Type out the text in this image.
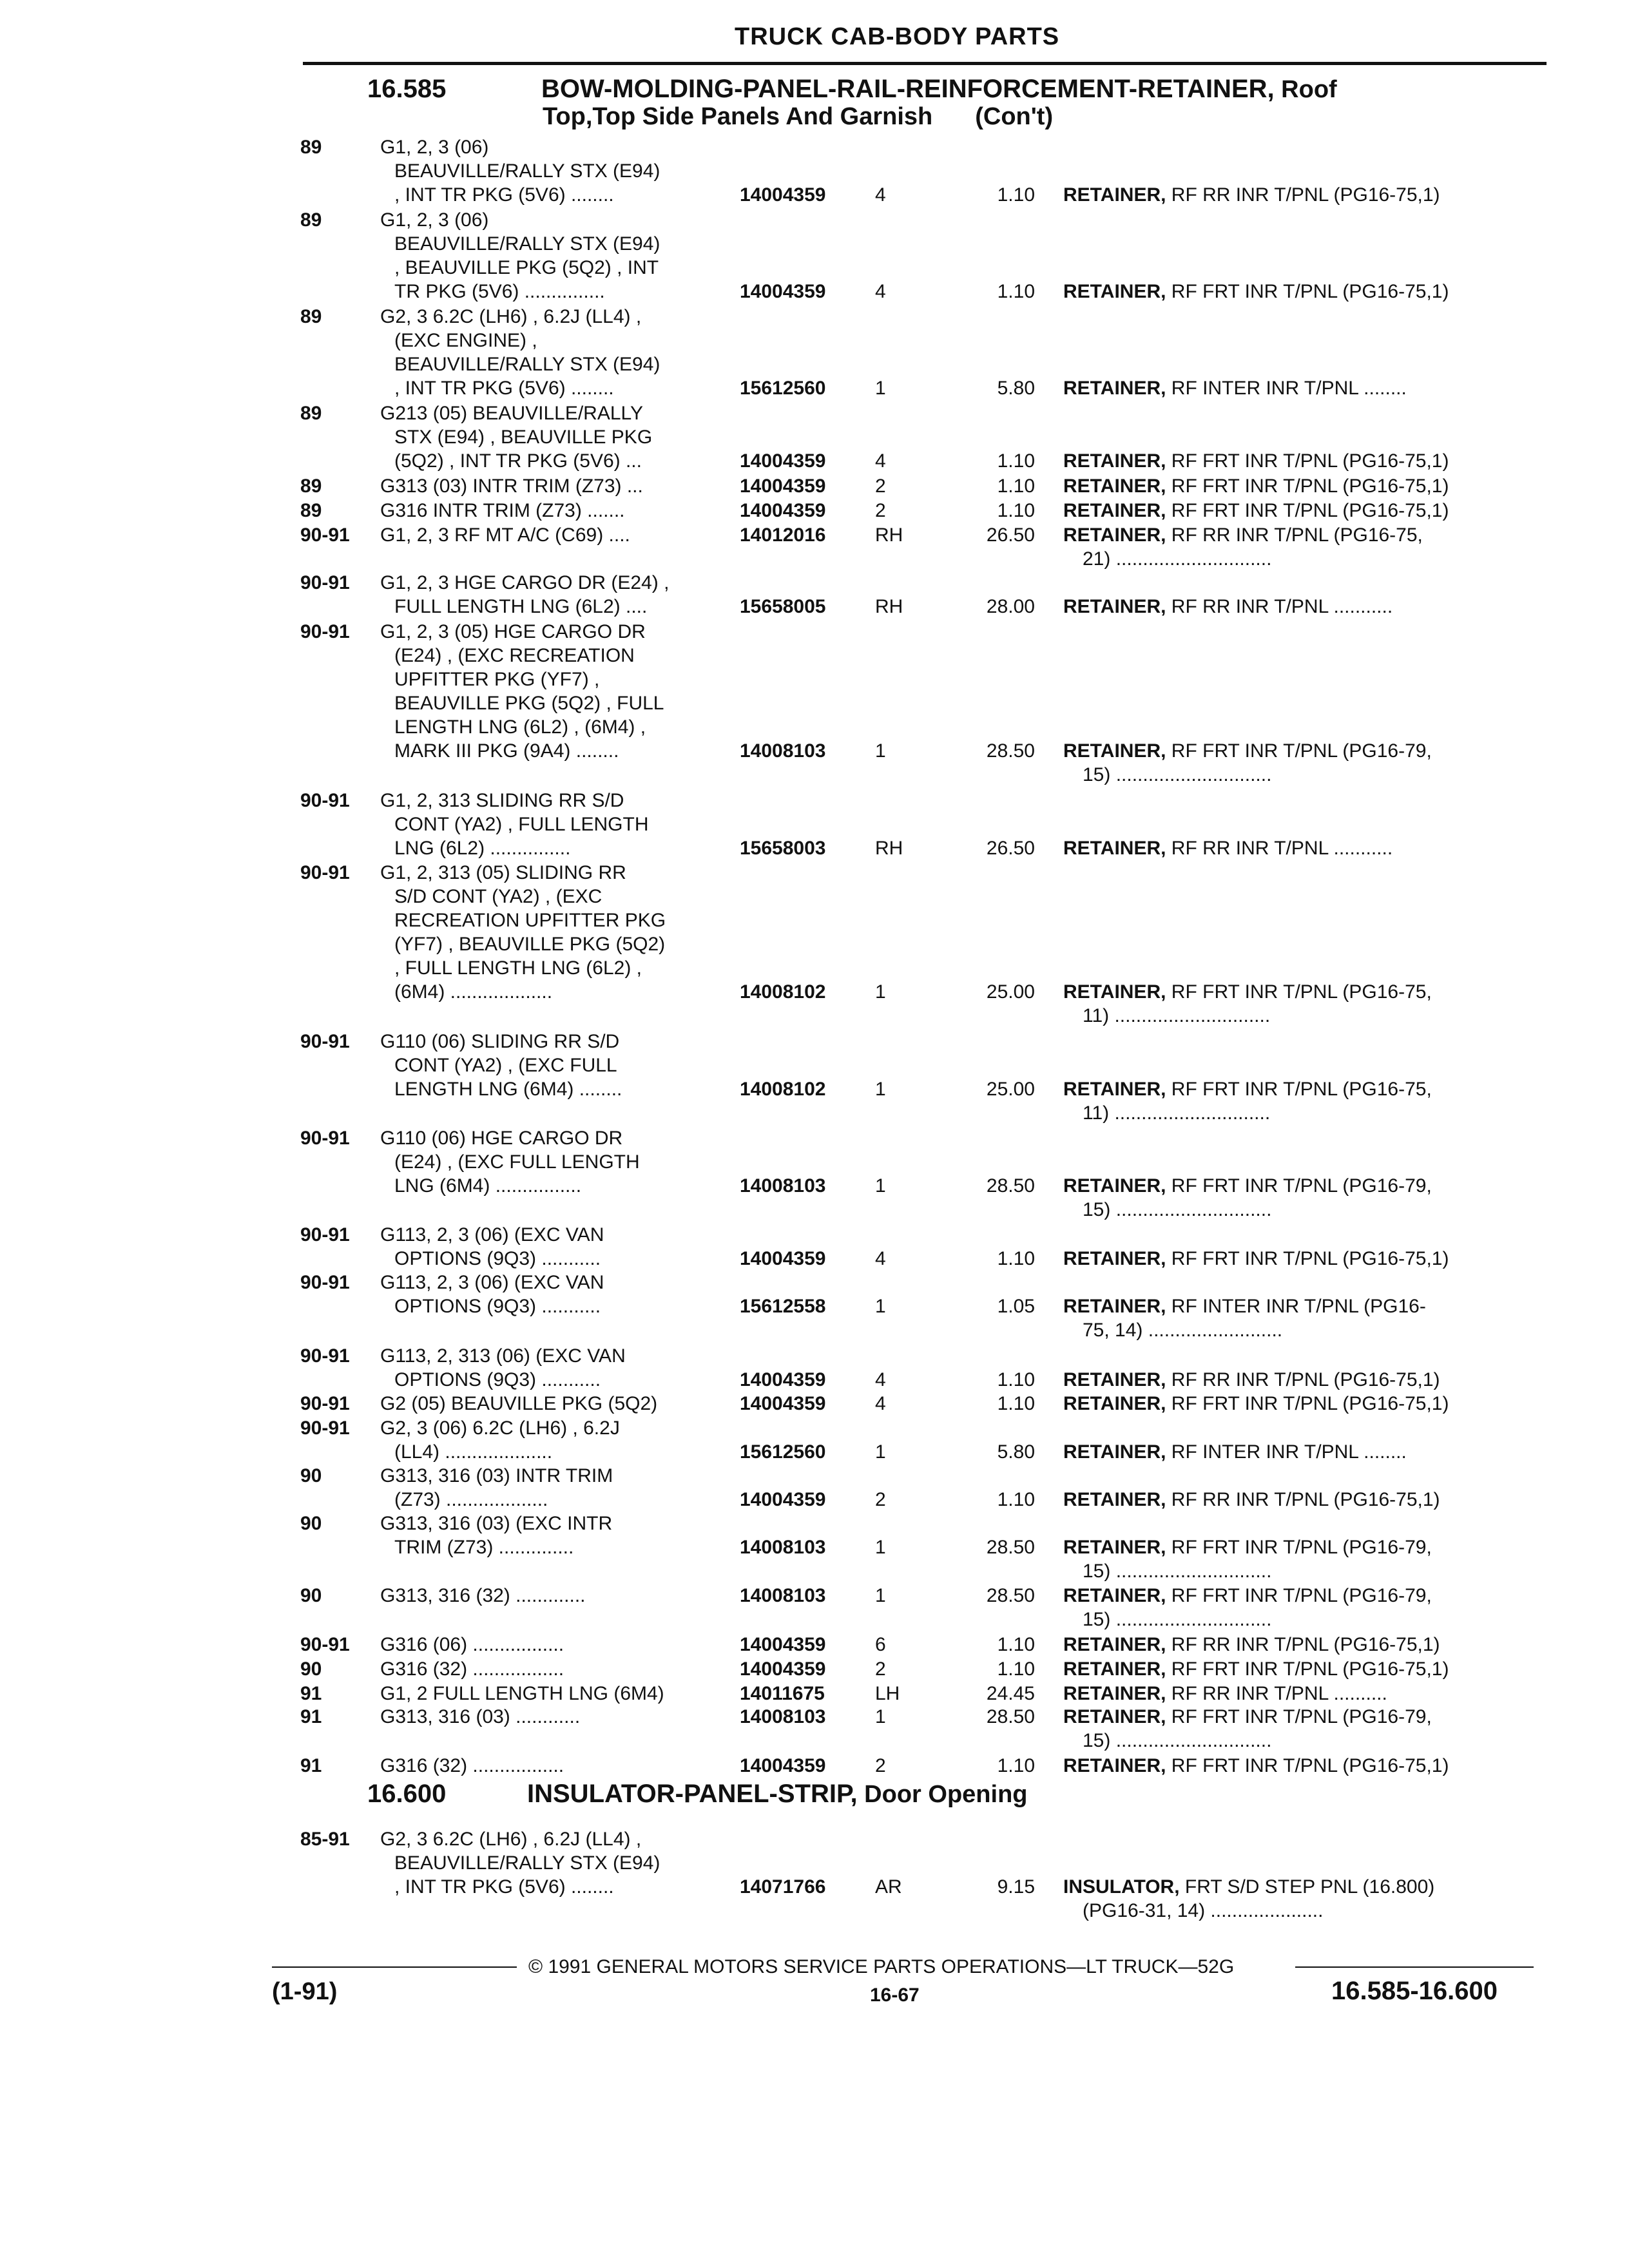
TRUCK CAB-BODY PARTS
16.585	BOW-MOLDING-PANEL-RAIL-REINFORCEMENT-RETAINER, Roof
Top,Top Side Panels And Garnish (Con't)
89	G1, 2, 3 (06)
BEAUVILLE/RALLY STX (E94)
, INT TR PKG (5V6) ........	14004359	4	1.10 RETAINER, RF RR INR T/PNL (PG16-75,1)
89	G1, 2, 3 (06)
BEAUVILLE/RALLY STX (E94)
, BEAUVILLE PKG (5Q2) , INT
TR PKG (5V6) ...............	14004359	4	1.10 RETAINER, RF FRT INR T/PNL (PG16-75,1)
89	G2, 3 6.2C (LH6) , 6.2J (LL4) ,
(EXC ENGINE) ,
BEAUVILLE/RALLY STX (E94)
, INT TR PKG (5V6) ........	15612560	1	5.80 RETAINER, RF INTER INR T/PNL ........
89	G213 (05) BEAUVILLE/RALLY
STX (E94) , BEAUVILLE PKG
(5Q2) , INT TR PKG (5V6) ...	14004359	4	1.10 RETAINER, RF FRT INR T/PNL (PG16-75,1)
89	G313 (03) INTR TRIM (Z73) ...	14004359	2	1.10 RETAINER, RF FRT INR T/PNL (PG16-75,1)
89	G316 INTR TRIM (Z73) .......	14004359	2	1.10 RETAINER, RF FRT INR T/PNL (PG16-75,1)
90-91 G1, 2, 3 RF MT A/C (C69) ....	14012016	RH	26.50 RETAINER, RF RR INR T/PNL (PG16-75,
21) .............................
90-91 G1, 2, 3 HGE CARGO DR (E24) ,
FULL LENGTH LNG (6L2) ....	15658005	RH	28.00 RETAINER, RF RR INR T/PNL ...........
90-91 G1, 2, 3 (05) HGE CARGO DR
(E24) , (EXC RECREATION
UPFITTER PKG (YF7) ,
BEAUVILLE PKG (5Q2) , FULL
LENGTH LNG (6L2) , (6M4) ,
MARK III PKG (9A4) ........	14008103	1	28.50 RETAINER, RF FRT INR T/PNL (PG16-79,
15) .............................
90-91 G1, 2, 313 SLIDING RR S/D
CONT (YA2) , FULL LENGTH
LNG (6L2) ...............	15658003	RH	26.50 RETAINER, RF RR INR T/PNL ...........
90-91 G1, 2, 313 (05) SLIDING RR
S/D CONT (YA2) , (EXC
RECREATION UPFITTER PKG
(YF7) , BEAUVILLE PKG (5Q2)
, FULL LENGTH LNG (6L2) ,
(6M4) ...................	14008102	1	25.00 RETAINER, RF FRT INR T/PNL (PG16-75,
11) .............................
90-91 G110 (06) SLIDING RR S/D
CONT (YA2) , (EXC FULL
LENGTH LNG (6M4) ........	14008102	1	25.00 RETAINER, RF FRT INR T/PNL (PG16-75,
11) .............................
90-91 G110 (06) HGE CARGO DR
(E24) , (EXC FULL LENGTH
LNG (6M4) ................	14008103	1	28.50 RETAINER, RF FRT INR T/PNL (PG16-79,
15) .............................
90-91 G113, 2, 3 (06) (EXC VAN
OPTIONS (9Q3) ...........	14004359	4	1.10 RETAINER, RF FRT INR T/PNL (PG16-75,1)
90-91 G113, 2, 3 (06) (EXC VAN
OPTIONS (9Q3) ...........	15612558	1	1.05 RETAINER, RF INTER INR T/PNL (PG16-
75, 14) .........................
90-91 G113, 2, 313 (06) (EXC VAN
OPTIONS (9Q3) ...........	14004359	4	1.10 RETAINER, RF RR INR T/PNL (PG16-75,1)
90-91 G2 (05) BEAUVILLE PKG (5Q2)	14004359	4	1.10 RETAINER, RF FRT INR T/PNL (PG16-75,1)
90-91 G2, 3 (06) 6.2C (LH6) , 6.2J
(LL4) ....................	15612560	1	5.80 RETAINER, RF INTER INR T/PNL ........
90	G313, 316 (03) INTR TRIM
(Z73) ...................	14004359	2	1.10 RETAINER, RF RR INR T/PNL (PG16-75,1)
90	G313, 316 (03) (EXC INTR
TRIM (Z73) ..............	14008103	1	28.50 RETAINER, RF FRT INR T/PNL (PG16-79,
15) .............................
90	G313, 316 (32) .............	14008103	1	28.50 RETAINER, RF FRT INR T/PNL (PG16-79,
15) .............................
90-91 G316 (06) .................	14004359	6	1.10 RETAINER, RF RR INR T/PNL (PG16-75,1)
90	G316 (32) .................	14004359	2	1.10 RETAINER, RF FRT INR T/PNL (PG16-75,1)
91	G1, 2 FULL LENGTH LNG (6M4)	14011675	LH	24.45 RETAINER, RF RR INR T/PNL ..........
91	G313, 316 (03) ............	14008103	1	28.50 RETAINER, RF FRT INR T/PNL (PG16-79,
15) .............................
91	G316 (32) .................	14004359	2	1.10 RETAINER, RF FRT INR T/PNL (PG16-75,1)
85-91 G2, 3 6.2C (LH6) , 6.2J (LL4) ,
BEAUVILLE/RALLY STX (E94)
, INT TR PKG (5V6) ........	14071766	AR	9.15 INSULATOR, FRT S/D STEP PNL (16.800)
(PG16-31, 14) .....................
16.600	INSULATOR-PANEL-STRIP, Door Opening
© 1991 GENERAL MOTORS SERVICE PARTS OPERATIONS—LT TRUCK—52G
(1-91)	16-67	16.585-16.600
